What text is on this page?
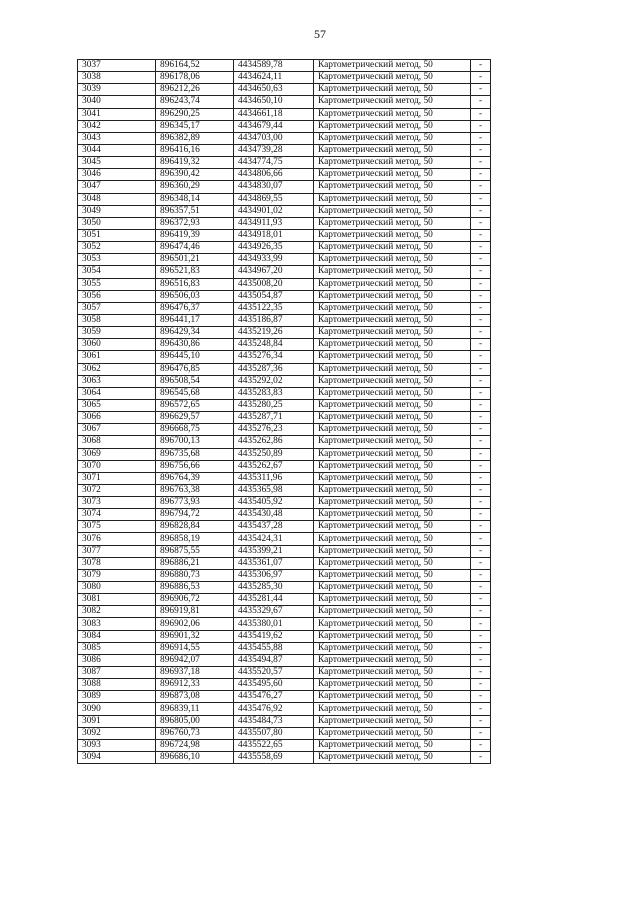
57
3037	896164,52	4434589,78	Картометрический метод, 50	-
3038	896178,06	4434624,11	Картометрический метод, 50	-
3039	896212,26	4434650,63	Картометрический метод, 50	-
3040	896243,74	4434650,10	Картометрический метод, 50	-
3041	896290,25	4434661,18	Картометрический метод, 50	-
3042	896345,17	4434679,44	Картометрический метод, 50	-
3043	896382,89	4434703,00	Картометрический метод, 50	-
3044	896416,16	4434739,28	Картометрический метод, 50	-
3045	896419,32	4434774,75	Картометрический метод, 50	-
3046	896390,42	4434806,66	Картометрический метод, 50	-
3047	896360,29	4434830,07	Картометрический метод, 50	-
3048	896348,14	4434869,55	Картометрический метод, 50	-
3049	896357,51	4434901,02	Картометрический метод, 50	-
3050	896372,93	4434911,93	Картометрический метод, 50	-
3051	896419,39	4434918,01	Картометрический метод, 50	-
3052	896474,46	4434926,35	Картометрический метод, 50	-
3053	896501,21	4434933,99	Картометрический метод, 50	-
3054	896521,83	4434967,20	Картометрический метод, 50	-
3055	896516,83	4435008,20	Картометрический метод, 50	-
3056	896506,03	4435054,87	Картометрический метод, 50	-
3057	896476,37	4435122,35	Картометрический метод, 50	-
3058	896441,17	4435186,87	Картометрический метод, 50	-
3059	896429,34	4435219,26	Картометрический метод, 50	-
3060	896430,86	4435248,84	Картометрический метод, 50	-
3061	896445,10	4435276,34	Картометрический метод, 50	-
3062	896476,85	4435287,36	Картометрический метод, 50	-
3063	896508,54	4435292,02	Картометрический метод, 50	-
3064	896545,68	4435283,83	Картометрический метод, 50	-
3065	896572,65	4435280,25	Картометрический метод, 50	-
3066	896629,57	4435287,71	Картометрический метод, 50	-
3067	896668,75	4435276,23	Картометрический метод, 50	-
3068	896700,13	4435262,86	Картометрический метод, 50	-
3069	896735,68	4435250,89	Картометрический метод, 50	-
3070	896756,66	4435262,67	Картометрический метод, 50	-
3071	896764,39	4435311,96	Картометрический метод, 50	-
3072	896763,38	4435365,98	Картометрический метод, 50	-
3073	896773,93	4435405,92	Картометрический метод, 50	-
3074	896794,72	4435430,48	Картометрический метод, 50	-
3075	896828,84	4435437,28	Картометрический метод, 50	-
3076	896858,19	4435424,31	Картометрический метод, 50	-
3077	896875,55	4435399,21	Картометрический метод, 50	-
3078	896886,21	4435361,07	Картометрический метод, 50	-
3079	896880,73	4435306,97	Картометрический метод, 50	-
3080	896886,53	4435285,30	Картометрический метод, 50	-
3081	896906,72	4435281,44	Картометрический метод, 50	-
3082	896919,81	4435329,67	Картометрический метод, 50	-
3083	896902,06	4435380,01	Картометрический метод, 50	-
3084	896901,32	4435419,62	Картометрический метод, 50	-
3085	896914,55	4435455,88	Картометрический метод, 50	-
3086	896942,07	4435494,87	Картометрический метод, 50	-
3087	896937,18	4435520,57	Картометрический метод, 50	-
3088	896912,33	4435495,60	Картометрический метод, 50	-
3089	896873,08	4435476,27	Картометрический метод, 50	-
3090	896839,11	4435476,92	Картометрический метод, 50	-
3091	896805,00	4435484,73	Картометрический метод, 50	-
3092	896760,73	4435507,80	Картометрический метод, 50	-
3093	896724,98	4435522,65	Картометрический метод, 50	-
3094	896686,10	4435558,69	Картометрический метод, 50	-
